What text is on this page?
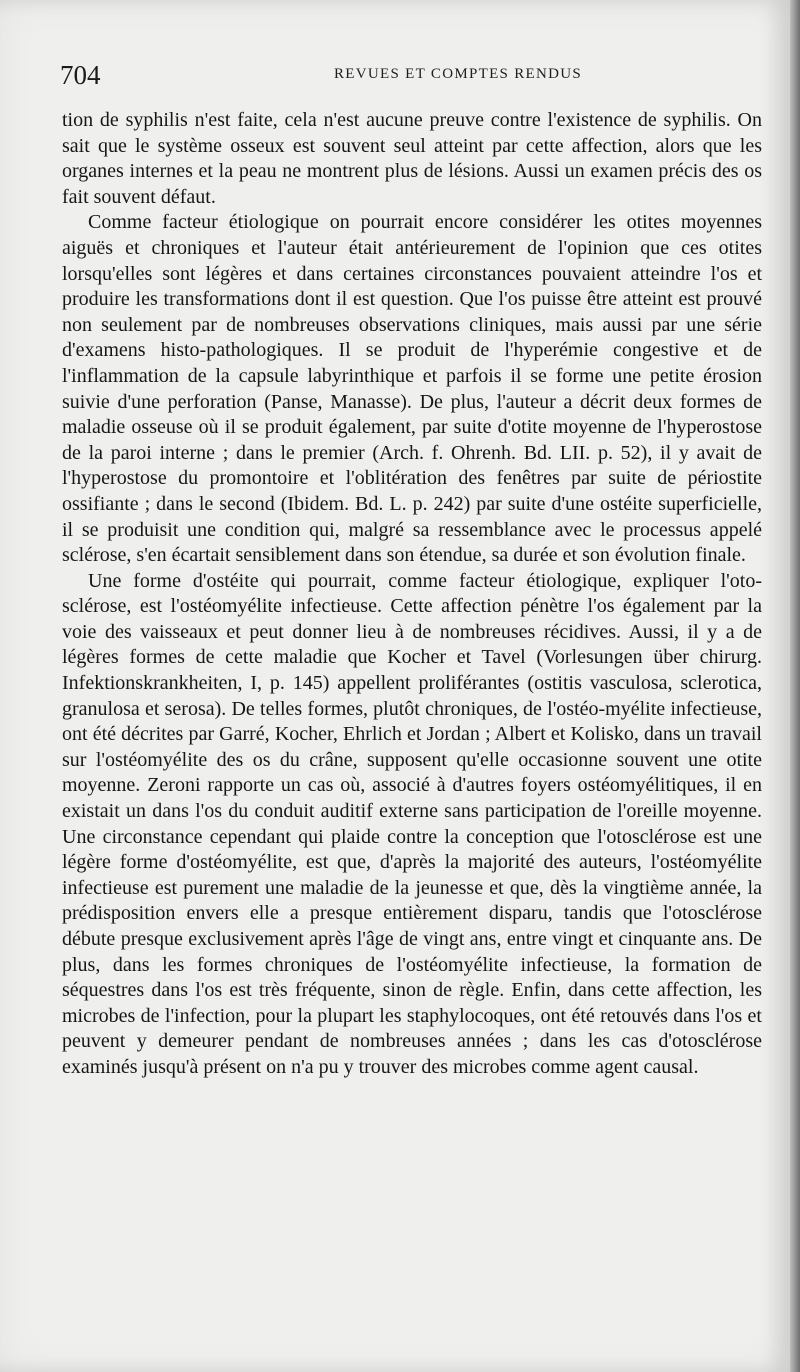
704	REVUES ET COMPTES RENDUS

tion de syphilis n'est faite, cela n'est aucune preuve contre l'existence de syphilis. On sait que le système osseux est souvent seul atteint par cette affection, alors que les organes internes et la peau ne montrent plus de lésions. Aussi un examen précis des os fait souvent défaut.

Comme facteur étiologique on pourrait encore considérer les otites moyennes aiguës et chroniques et l'auteur était antérieurement de l'opinion que ces otites lorsqu'elles sont légères et dans certaines circonstances pouvaient atteindre l'os et produire les transformations dont il est question. Que l'os puisse être atteint est prouvé non seulement par de nombreuses observations cliniques, mais aussi par une série d'examens histo-pathologiques. Il se produit de l'hyperémie congestive et de l'inflammation de la capsule labyrinthique et parfois il se forme une petite érosion suivie d'une perforation (Panse, Manasse). De plus, l'auteur a décrit deux formes de maladie osseuse où il se produit également, par suite d'otite moyenne de l'hyperostose de la paroi interne ; dans le premier (Arch. f. Ohrenh. Bd. LII. p. 52), il y avait de l'hyperostose du promontoire et l'oblitération des fenêtres par suite de périostite ossifiante ; dans le second (Ibidem. Bd. L. p. 242) par suite d'une ostéite superficielle, il se produisit une condition qui, malgré sa ressemblance avec le processus appelé sclérose, s'en écartait sensiblement dans son étendue, sa durée et son évolution finale.

Une forme d'ostéite qui pourrait, comme facteur étiologique, expliquer l'oto-sclérose, est l'ostéomyélite infectieuse. Cette affection pénètre l'os également par la voie des vaisseaux et peut donner lieu à de nombreuses récidives. Aussi, il y a de légères formes de cette maladie que Kocher et Tavel (Vorlesungen über chirurg. Infektionskrankheiten, I, p. 145) appellent proliférantes (ostitis vasculosa, sclerotica, granulosa et serosa). De telles formes, plutôt chroniques, de l'ostéo-myélite infectieuse, ont été décrites par Garré, Kocher, Ehrlich et Jordan ; Albert et Kolisko, dans un travail sur l'ostéomyélite des os du crâne, supposent qu'elle occasionne souvent une otite moyenne. Zeroni rapporte un cas où, associé à d'autres foyers ostéomyélitiques, il en existait un dans l'os du conduit auditif externe sans participation de l'oreille moyenne. Une circonstance cependant qui plaide contre la conception que l'otosclérose est une légère forme d'ostéomyélite, est que, d'après la majorité des auteurs, l'ostéomyélite infectieuse est purement une maladie de la jeunesse et que, dès la vingtième année, la prédisposition envers elle a presque entièrement disparu, tandis que l'otosclérose débute presque exclusivement après l'âge de vingt ans, entre vingt et cinquante ans. De plus, dans les formes chroniques de l'ostéomyélite infectieuse, la formation de séquestres dans l'os est très fréquente, sinon de règle. Enfin, dans cette affection, les microbes de l'infection, pour la plupart les staphylocoques, ont été retouvés dans l'os et peuvent y demeurer pendant de nombreuses années ; dans les cas d'otosclérose examinés jusqu'à présent on n'a pu y trouver des microbes comme agent causal.
